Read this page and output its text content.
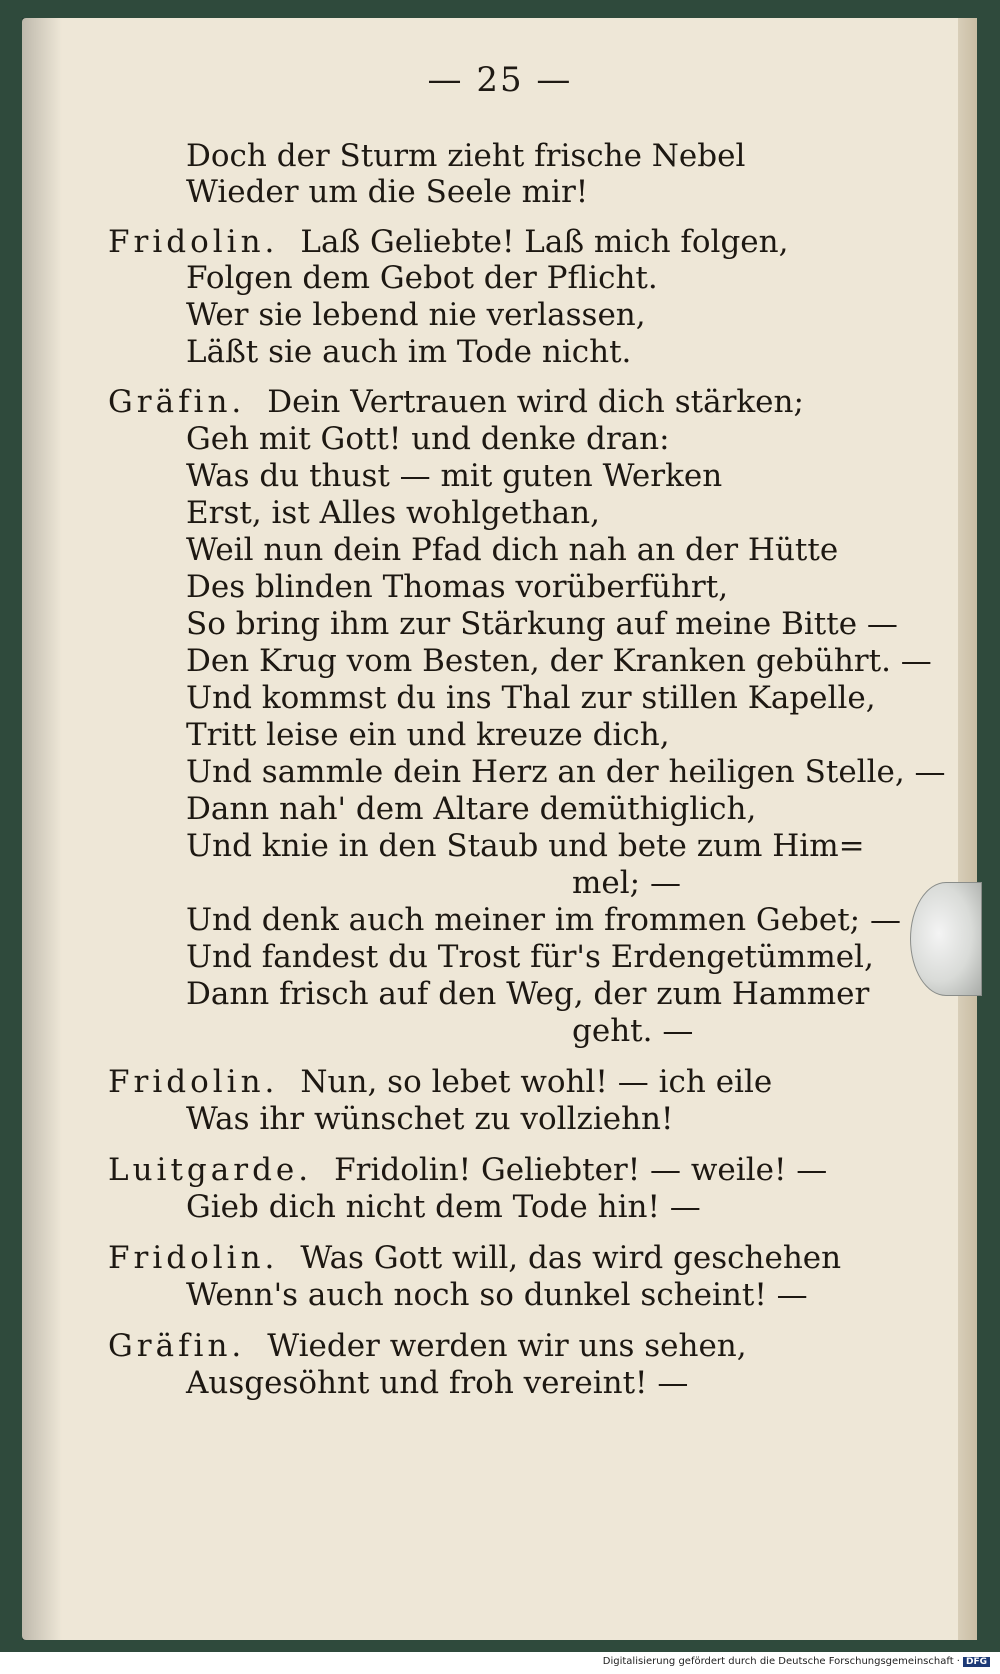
— 25 —
Doch der Sturm zieht frische Nebel
Wieder um die Seele mir!
Fridolin. Laß Geliebte! Laß mich folgen,
Folgen dem Gebot der Pflicht.
Wer sie lebend nie verlassen,
Läßt sie auch im Tode nicht.
Gräfin. Dein Vertrauen wird dich stärken;
Geh mit Gott! und denke dran:
Was du thust — mit guten Werken
Erst, ist Alles wohlgethan,
Weil nun dein Pfad dich nah an der Hütte
Des blinden Thomas vorüberführt,
So bring ihm zur Stärkung auf meine Bitte —
Den Krug vom Besten, der Kranken gebührt. —
Und kommst du ins Thal zur stillen Kapelle,
Tritt leise ein und kreuze dich,
Und sammle dein Herz an der heiligen Stelle, —
Dann nah' dem Altare demüthiglich,
Und knie in den Staub und bete zum Him=
mel; —
Und denk auch meiner im frommen Gebet; —
Und fandest du Trost für's Erdengetümmel,
Dann frisch auf den Weg, der zum Hammer
geht. —
Fridolin. Nun, so lebet wohl! — ich eile
Was ihr wünschet zu vollziehn!
Luitgarde. Fridolin! Geliebter! — weile! —
Gieb dich nicht dem Tode hin! —
Fridolin. Was Gott will, das wird geschehen
Wenn's auch noch so dunkel scheint! —
Gräfin. Wieder werden wir uns sehen,
Ausgesöhnt und froh vereint! —
Digitalisierung gefördert durch die Deutsche Forschungsgemeinschaft · DFG
